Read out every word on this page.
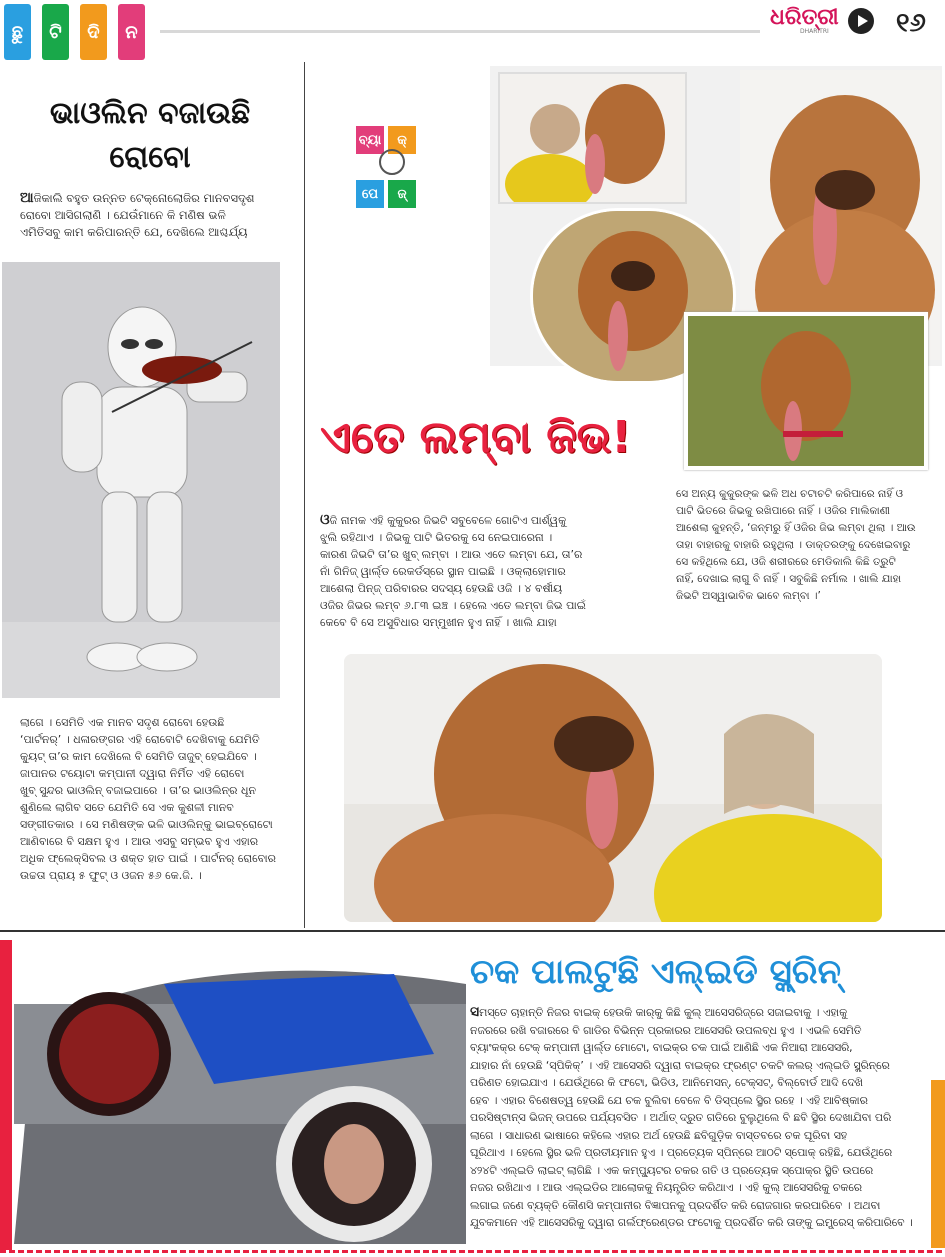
ଛୁ	ଟି	ଦି	ନ
ଧରିତ୍ରୀ
DHARITRI	୧୬
ଭାଓଲିନ ବଜାଉଛି
ରୋବୋ
ଆଜିକାଲି ବହୁତ ଉନ୍ନତ ଟେକ୍‌ନୋଲୋଜିର ମାନବସଦୃଶ
ରୋବୋ ଆସିଗଲାଣି । ଯେଉଁମାନେ କି ମଣିଷ ଭଳି
ଏମିତିସବୁ କାମ କରିପାରନ୍ତି ଯେ, ଦେଖିଲେ ଆଶ୍ଚର୍ଯ୍ୟ
ଲାଗେ । ସେମିତି ଏକ ମାନବ ସଦୃଶ ରୋବୋ ହେଉଛି
‘ପାର୍ଟନର୍’ । ଧଳାରଙ୍ଗର ଏହି ରୋବୋଟି ଦେଖିବାକୁ ଯେମିତି
କ୍ୟୁଟ୍ ତା’ର କାମ ଦେଖିଲେ ବି ସେମିତି ତାଜୁବ୍ ହେଇଯିବେ ।
ଜାପାନର ଟୟୋଟା କମ୍ପାନୀ ଦ୍ୱାରା ନିର୍ମିତ ଏହି ରୋବୋ
ଖୁବ୍ ସୁନ୍ଦର ଭାଓଲିନ୍ ବଜାଇପାରେ । ତା’ର ଭାଓଲିନ୍‌ର ଧୂନ
ଶୁଣିଲେ ଲାଗିବ ସତେ ଯେମିତି ସେ ଏକ କୁଶଳୀ ମାନବ
ସଙ୍ଗୀତକାର । ସେ ମଣିଷଙ୍କ ଭଳି ଭାଓଲିନ୍‌କୁ ଭାଇବ୍ରୋଟୋ
ଆଣିବାରେ ବି ସକ୍ଷମ ହୁଏ । ଆଉ ଏସବୁ ସମ୍ଭବ ହୁଏ ଏହାର
ଅଧିକ ଫ୍ଲେକ୍ସିବଲ ଓ ଶକ୍ତ ହାତ ପାଇଁ । ପାର୍ଟନର୍ ରୋବୋର
ଉଚ୍ଚତା ପ୍ରାୟ ୫ ଫୁଟ୍ ଓ ଓଜନ ୫୬ କେ.ଜି. ।
ବ୍ୟା	କ୍
ପେ	ଜ୍
ଏତେ ଲମ୍ବା ଜିଭ!
ଓଜି ନାମକ ଏହି କୁକୁରର ଜିଭଟି ସବୁବେଳେ ଗୋଟିଏ ପାର୍ଶ୍ୱକୁ
ଝୁଲି ରହିଥାଏ । ଜିଭକୁ ପାଟି ଭିତରକୁ ସେ ନେଇପାରେନା ।
କାରଣ ଜିଭଟି ତା’ର ଖୁବ୍ ଲମ୍ବା । ଆଉ ଏତେ ଲମ୍ବା ଯେ, ତା’ର
ନାଁ ଗିନିଜ୍ ୱାର୍ଲ୍ଡ ରେକର୍ଡସ୍‌ରେ ସ୍ଥାନ ପାଇଛି । ଓକ୍ଲାହୋମାର
ଆଶେଲା ପିନ୍ଜ୍ ପରିବାରର ସଦସ୍ୟ ହେଉଛି ଓଜି । ୪ ବର୍ଷୀୟ
ଓଜିର ଜିଭର ଲମ୍ବ ୬.୮୩ ଇଞ୍ଚ । ହେଲେ ଏତେ ଲମ୍ବା ଜିଭ ପାଇଁ
କେବେ ବି ସେ ଅସୁବିଧାର ସମ୍ମୁଖୀନ ହୁଏ ନାହିଁ । ଖାଲି ଯାହା
ସେ ଅନ୍ୟ କୁକୁରଙ୍କ ଭଳି ଅଧ ଚଟାଚଟି କରିପାରେ ନାହିଁ ଓ
ପାଟି ଭିତରେ ଜିଭକୁ ରଖିପାରେ ନାହିଁ । ଓଜିର ମାଲିକାଣୀ
ଆଶେଲା କୁହନ୍ତି, ‘ଜନ୍ମରୁ ହିଁ ଓଜିର ଜିଭ ଲମ୍ବା ଥିଲା । ଆଉ
ତାହା ବାହାରକୁ ବାହାରି ରହୁଥିଲା । ଡାକ୍ତରଙ୍କୁ ଦେଖେଇବାରୁ
ସେ କହିଥିଲେ ଯେ, ଓଜି ଶରୀରରେ ମେଡିକାଲି କିଛି ତ୍ରୁଟି
ନାହିଁ, ଦେଖାଇ ଲାଗୁ ବି ନାହିଁ । ସବୁକିଛି ନର୍ମାଲ । ଖାଲି ଯାହା
ଜିଭଟି ଅସ୍ୱାଭାବିକ ଭାବେ ଲମ୍ବା ।’
ଚକ ପାଲଟୁଛି ଏଲ୍‌ଇଡି ସ୍କ୍ରିନ୍
ସମସ୍ତେ ଚାହାନ୍ତି ନିଜର ବାଇକ୍ ହେଉକି କାର୍‌କୁ କିଛି କୁଲ୍ ଆସେସରିଜ୍‌ରେ ସଜାଇବାକୁ । ଏହାକୁ
ନଜରରେ ରଖି ବଜାରରେ ବି ଗାଡିର ବିଭିନ୍ନ ପ୍ରକାରର ଆସେସରି ଉପଲବ୍ଧ ହୁଏ । ଏଭଳି ସେମିତି
ବ୍ୟାଂକକ୍‌ର ଟେକ୍ କମ୍ପାନୀ ୱାର୍ଲ୍ଡ ମୋଟୋ, ବାଇକ୍‌ର ଚକ ପାଇଁ ଆଣିଛି ଏକ ନିଆରା ଆସେସରି,
ଯାହାର ନାଁ ହେଉଛି ‘ସ୍ପିକିକ୍’ । ଏହି ଆସେସରି ଦ୍ୱାରା ବାଇକ୍‌ର ଫ୍ରଣ୍ଟ ଚକଟି କଲର୍ ଏଲ୍‌ଇଡି ସ୍କ୍ରିନ୍‌ରେ
ପରିଣତ ହୋଇଯାଏ । ଯେଉଁଥିରେ କି ଫଟୋ, ଭିଡିଓ, ଆନିମେସନ୍, ଟେକ୍ସଟ୍, ବିଲ୍‌ବୋର୍ଡ ଆଦି ଦେଖି
ହେବ । ଏହାର ବିଶେଷତ୍ୱ ହେଉଛି ଯେ ଚକ ବୁଲିବା ବେଳେ ବି ଡିସ୍‌ପ୍ଲେ ସ୍ଥିର ରହେ । ଏହି ଆବିଷ୍କାର
ପରସିଷ୍ଟାନ୍ସ ଭିଜନ୍ ଉପରେ ପର୍ଯ୍ୟବସିତ । ଅର୍ଥାତ୍ ଦ୍ରୁତ ଗତିରେ ବୁଲୁଥିଲେ ବି ଛବି ସ୍ଥିର ଦେଖାଯିବା ପରି
ଲାଗେ । ସାଧାରଣ ଭାଷାରେ କହିଲେ ଏହାର ଅର୍ଥ ହେଉଛି ଛବିଗୁଡ଼ିକ ବାସ୍ତବରେ ଚକ ଘୂରିବା ସହ
ଘୂରିଥାଏ । ହେଲେ ସ୍ଥିର ଭଳି ପ୍ରତୀୟମାନ ହୁଏ । ପ୍ରତ୍ୟେକ ସ୍ପିନ୍‌ରେ ଆଠଟି ସ୍ପୋକ୍ ରହିଛି, ଯେଉଁଥିରେ
୪୨୪ଟି ଏଲ୍‌ଇଡି ଲାଇଟ୍ ଲାଗିଛି । ଏକ କମ୍ପ୍ୟୁଟର ଚକର ଗତି ଓ ପ୍ରତ୍ୟେକ ସ୍ପୋକ୍‌ର ସ୍ଥିତି ଉପରେ
ନଜର ରଖିଥାଏ । ଆଉ ଏଲ୍‌ଇଡିର ଆଲୋକକୁ ନିୟନ୍ତ୍ରିତ କରିଥାଏ । ଏହି କୁଲ୍ ଆସେସରିକୁ ଚକରେ
ଲଗାଇ ଜଣେ ବ୍ୟକ୍ତି କୌଣସି କମ୍ପାନୀର ବିଜ୍ଞାପନକୁ ପ୍ରଦର୍ଶିତ କରି ରୋଜଗାର କରପାରିବେ । ଅଥବା
ଯୁବକମାନେ ଏହି ଆସେସରିକୁ ଦ୍ୱାରା ଗର୍ଲଫ୍ରେଣ୍ଡର ଫଟୋକୁ ପ୍ରଦର୍ଶିତ କରି ତାଙ୍କୁ ଇମ୍ପ୍ରେସ୍ କରିପାରିବେ ।
